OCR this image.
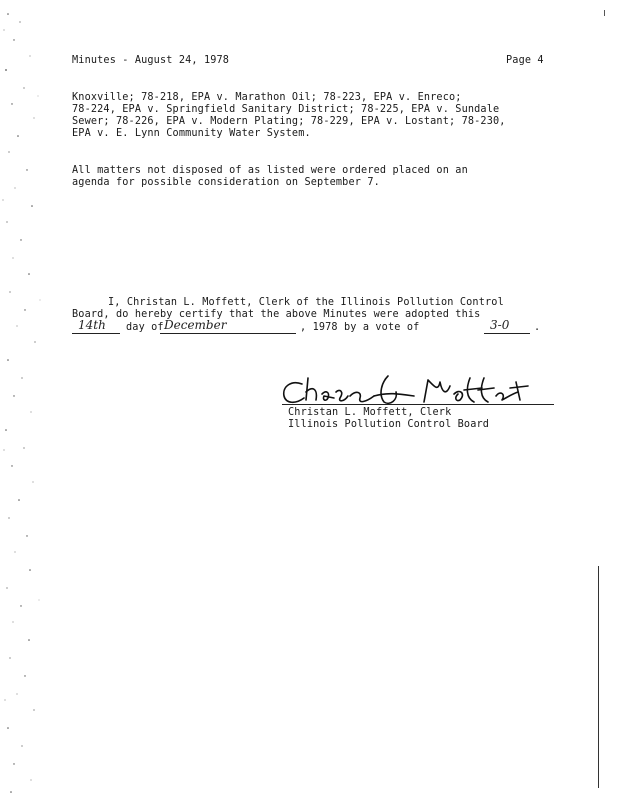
Minutes - August 24, 1978	Page 4
Knoxville; 78-218, EPA v. Marathon Oil; 78-223, EPA v. Enreco;
78-224, EPA v. Springfield Sanitary District; 78-225, EPA v. Sundale
Sewer; 78-226, EPA v. Modern Plating; 78-229, EPA v. Lostant; 78-230,
EPA v. E. Lynn Community Water System.
All matters not disposed of as listed were ordered placed on an
agenda for possible consideration on September 7.
I, Christan L. Moffett, Clerk of the Illinois Pollution Control
Board, do hereby certify that the above Minutes were adopted this
14th day of December	, 1978 by a vote of	3-0 .
Christan L. Moffett, Clerk
Illinois Pollution Control Board
